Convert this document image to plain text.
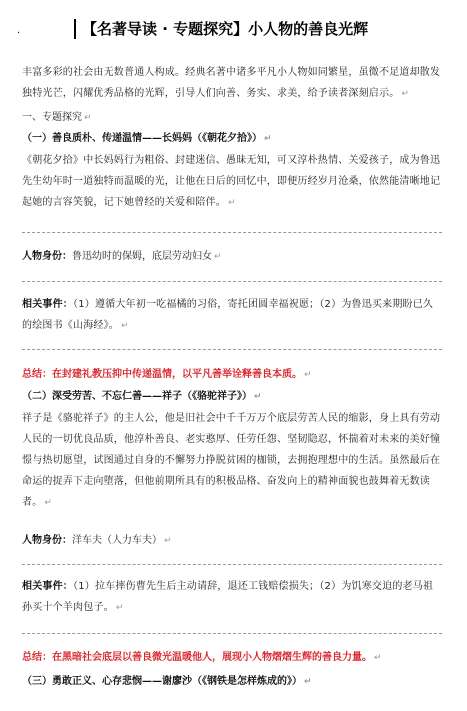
·	【名著导读 · 专题探究】小人物的善良光辉
丰富多彩的社会由无数普通人构成。经典名著中诸多平凡小人物如同繁星，虽微不足道却散发独特光芒，闪耀优秀品格的光辉，引导人们向善、务实、求美，给予读者深刻启示。 ↵
一、专题探究 ↵
（一）善良质朴、传递温情——长妈妈（《朝花夕拾》） ↵
《朝花夕拾》中长妈妈行为粗俗、封建迷信、愚昧无知，可又淳朴热情、关爱孩子，成为鲁迅先生幼年时一道独特而温暖的光，让他在日后的回忆中，即便历经岁月沧桑，依然能清晰地记起她的言容笑貌，记下她曾经的关爱和陪伴。 ↵
人物身份：鲁迅幼时的保姆，底层劳动妇女 ↵
相关事件：（1）遵循大年初一吃福橘的习俗，寄托团圆幸福祝愿；（2）为鲁迅买来期盼已久的绘图书《山海经》。 ↵
总结：在封建礼教压抑中传递温情，以平凡善举诠释善良本质。 ↵
（二）深受劳苦、不忘仁善——祥子（《骆驼祥子》） ↵
祥子是《骆驼祥子》的主人公，他是旧社会中千千万万个底层劳苦人民的缩影，身上具有劳动人民的一切优良品质，他淳朴善良、老实憨厚、任劳任怨、坚韧隐忍，怀揣着对未来的美好憧憬与热切愿望，试图通过自身的不懈努力挣脱贫困的枷锁，去拥抱理想中的生活。虽然最后在命运的捉弄下走向堕落，但他前期所具有的积极品格、奋发向上的精神面貌也鼓舞着无数读者。 ↵
人物身份：洋车夫（人力车夫） ↵
相关事件：（1）拉车摔伤曹先生后主动请辞，退还工钱赔偿损失；（2）为饥寒交迫的老马祖孙买十个羊肉包子。 ↵
总结：在黑暗社会底层以善良微光温暖他人，展现小人物熠熠生辉的善良力量。 ↵
（三）勇敢正义、心存悲悯——谢廖沙（《钢铁是怎样炼成的》） ↵
